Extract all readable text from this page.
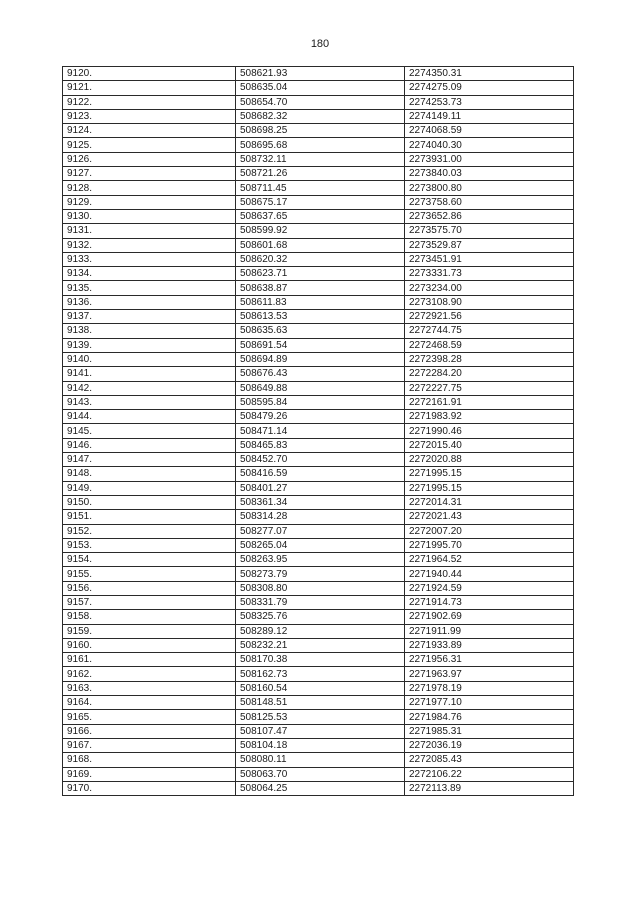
180
9120.	508621.93	2274350.31
9121.	508635.04	2274275.09
9122.	508654.70	2274253.73
9123.	508682.32	2274149.11
9124.	508698.25	2274068.59
9125.	508695.68	2274040.30
9126.	508732.11	2273931.00
9127.	508721.26	2273840.03
9128.	508711.45	2273800.80
9129.	508675.17	2273758.60
9130.	508637.65	2273652.86
9131.	508599.92	2273575.70
9132.	508601.68	2273529.87
9133.	508620.32	2273451.91
9134.	508623.71	2273331.73
9135.	508638.87	2273234.00
9136.	508611.83	2273108.90
9137.	508613.53	2272921.56
9138.	508635.63	2272744.75
9139.	508691.54	2272468.59
9140.	508694.89	2272398.28
9141.	508676.43	2272284.20
9142.	508649.88	2272227.75
9143.	508595.84	2272161.91
9144.	508479.26	2271983.92
9145.	508471.14	2271990.46
9146.	508465.83	2272015.40
9147.	508452.70	2272020.88
9148.	508416.59	2271995.15
9149.	508401.27	2271995.15
9150.	508361.34	2272014.31
9151.	508314.28	2272021.43
9152.	508277.07	2272007.20
9153.	508265.04	2271995.70
9154.	508263.95	2271964.52
9155.	508273.79	2271940.44
9156.	508308.80	2271924.59
9157.	508331.79	2271914.73
9158.	508325.76	2271902.69
9159.	508289.12	2271911.99
9160.	508232.21	2271933.89
9161.	508170.38	2271956.31
9162.	508162.73	2271963.97
9163.	508160.54	2271978.19
9164.	508148.51	2271977.10
9165.	508125.53	2271984.76
9166.	508107.47	2271985.31
9167.	508104.18	2272036.19
9168.	508080.11	2272085.43
9169.	508063.70	2272106.22
9170.	508064.25	2272113.89
